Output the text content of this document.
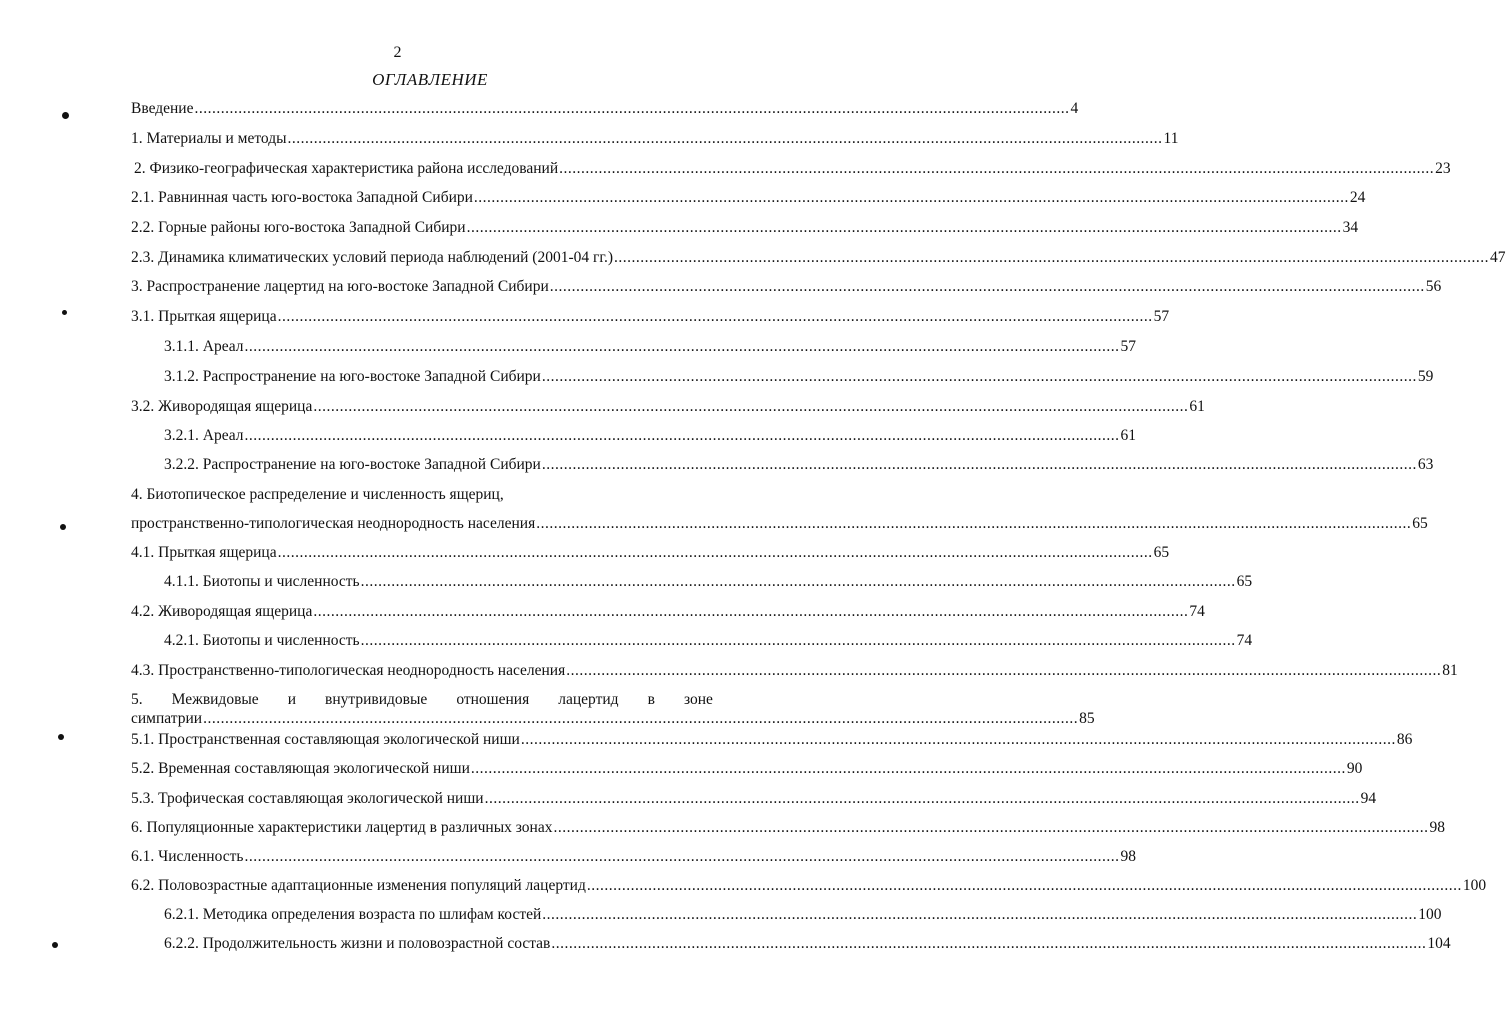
2
ОГЛАВЛЕНИЕ
Введение ........................................................................................................................................................................................................ 4
1. Материалы и методы ........................................................................................................................................................................................................ 11
2. Физико-географическая характеристика района исследований ........................................................................................................................................................................................................ 23
2.1. Равнинная часть юго-востока Западной Сибири ........................................................................................................................................................................................................ 24
2.2. Горные районы юго-востока Западной Сибири ........................................................................................................................................................................................................ 34
2.3. Динамика климатических условий периода наблюдений (2001-04 гг.) ........................................................................................................................................................................................................ 47
3. Распространение лацертид на юго-востоке Западной Сибири ........................................................................................................................................................................................................ 56
3.1. Прыткая ящерица ........................................................................................................................................................................................................ 57
3.1.1. Ареал ........................................................................................................................................................................................................ 57
3.1.2. Распространение на юго-востоке Западной Сибири ........................................................................................................................................................................................................ 59
3.2. Живородящая ящерица ........................................................................................................................................................................................................ 61
3.2.1. Ареал ........................................................................................................................................................................................................ 61
3.2.2. Распространение на юго-востоке Западной Сибири ........................................................................................................................................................................................................ 63
4. Биотопическое распределение и численность ящериц,
пространственно-типологическая неоднородность населения ........................................................................................................................................................................................................ 65
4.1. Прыткая ящерица ........................................................................................................................................................................................................ 65
4.1.1. Биотопы и численность ........................................................................................................................................................................................................ 65
4.2. Живородящая ящерица ........................................................................................................................................................................................................ 74
4.2.1. Биотопы и численность ........................................................................................................................................................................................................ 74
4.3. Пространственно-типологическая неоднородность населения ........................................................................................................................................................................................................ 81
5. Межвидовые и внутривидовые отношения лацертид в зоне
симпатрии ........................................................................................................................................................................................................ 85
5.1. Пространственная составляющая экологической ниши ........................................................................................................................................................................................................ 86
5.2. Временная составляющая экологической ниши ........................................................................................................................................................................................................ 90
5.3. Трофическая составляющая экологической ниши ........................................................................................................................................................................................................ 94
6. Популяционные характеристики лацертид в различных зонах ........................................................................................................................................................................................................ 98
6.1. Численность ........................................................................................................................................................................................................ 98
6.2. Половозрастные адаптационные изменения популяций лацертид ........................................................................................................................................................................................................ 100
6.2.1. Методика определения возраста по шлифам костей ........................................................................................................................................................................................................ 100
6.2.2. Продолжительность жизни и половозрастной состав ........................................................................................................................................................................................................ 104
